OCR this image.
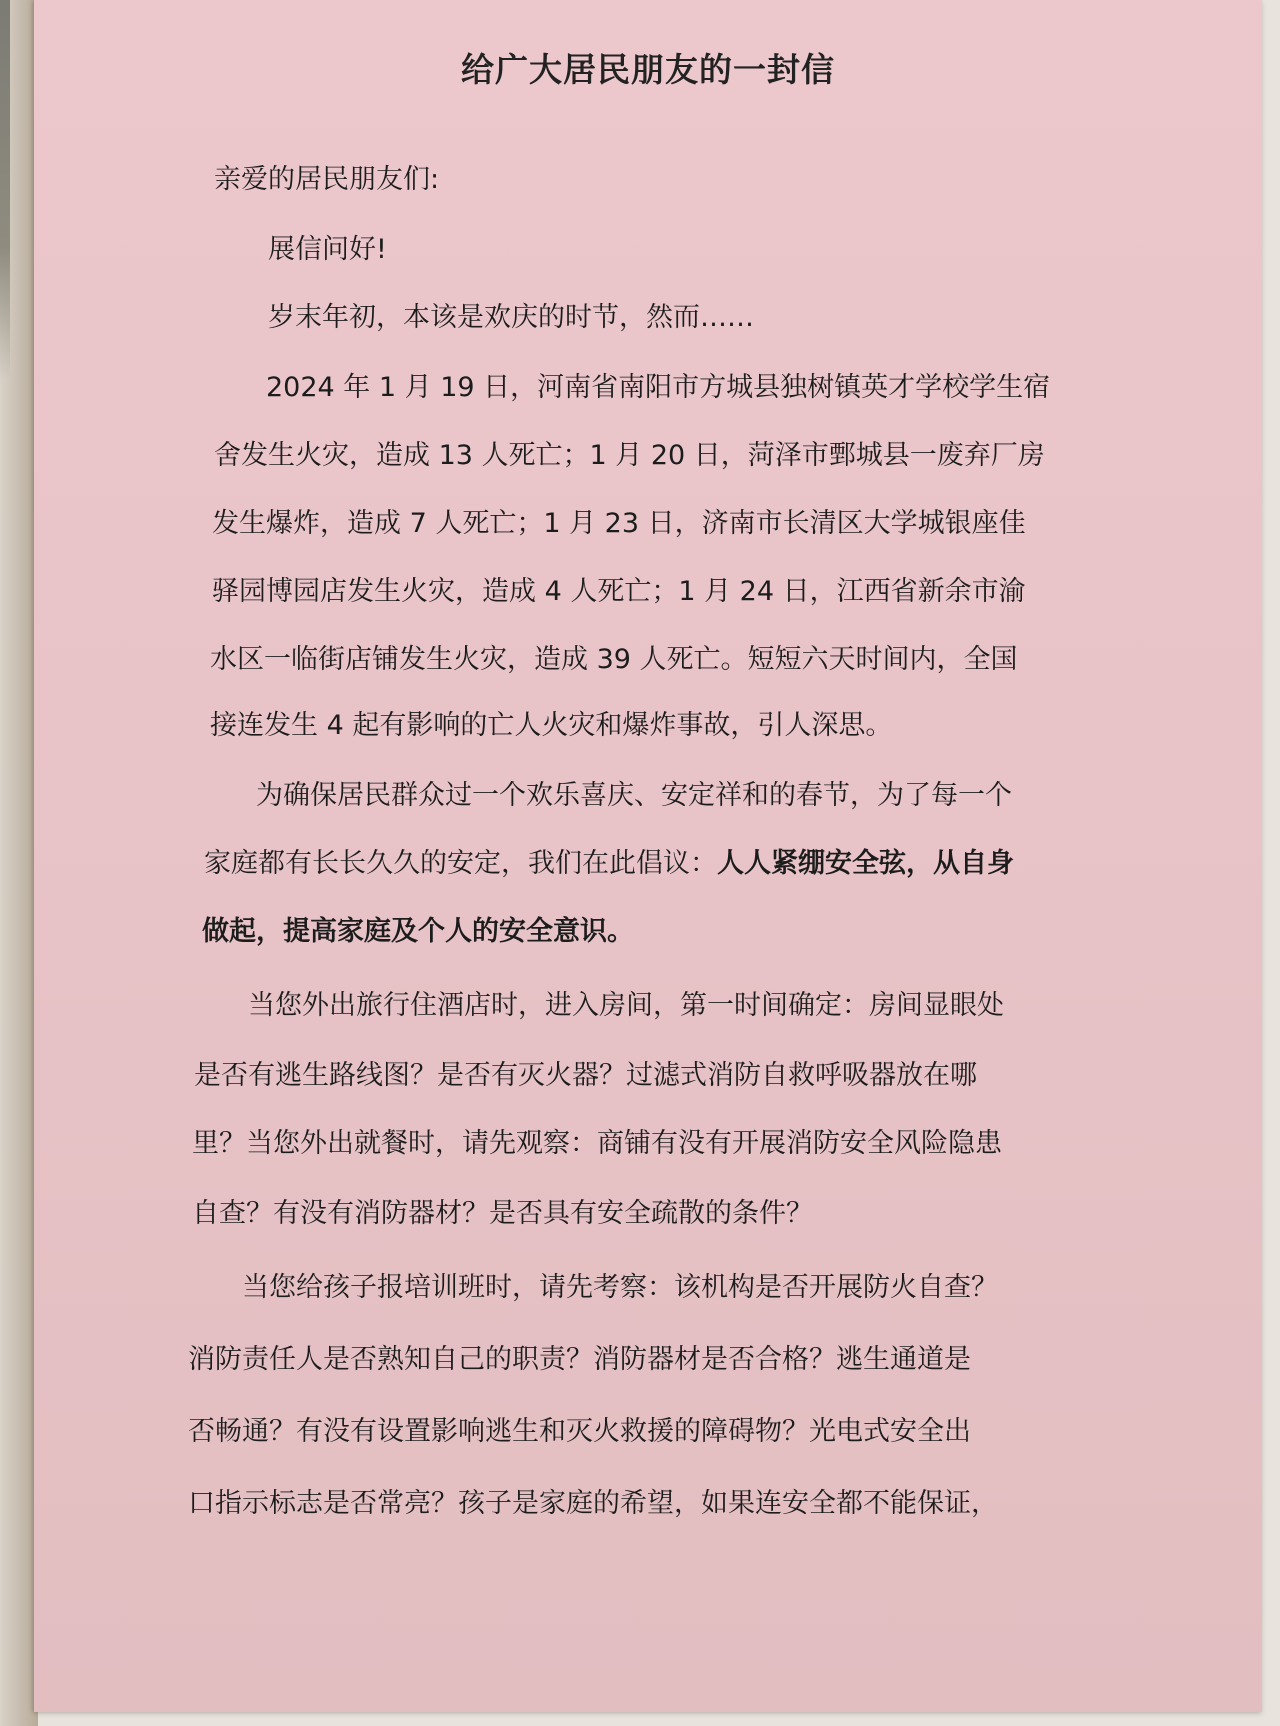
给广大居民朋友的一封信

亲爱的居民朋友们:

展信问好!

岁末年初，本该是欢庆的时节，然而……

2024 年 1 月 19 日，河南省南阳市方城县独树镇英才学校学生宿

舍发生火灾，造成 13 人死亡；1 月 20 日，菏泽市鄄城县一废弃厂房

发生爆炸，造成 7 人死亡；1 月 23 日，济南市长清区大学城银座佳

驿园博园店发生火灾，造成 4 人死亡；1 月 24 日，江西省新余市渝

水区一临街店铺发生火灾，造成 39 人死亡。短短六天时间内，全国

接连发生 4 起有影响的亡人火灾和爆炸事故，引人深思。

为确保居民群众过一个欢乐喜庆、安定祥和的春节，为了每一个

家庭都有长长久久的安定，我们在此倡议：人人紧绷安全弦，从自身

做起，提高家庭及个人的安全意识。

当您外出旅行住酒店时，进入房间，第一时间确定：房间显眼处

是否有逃生路线图？是否有灭火器？过滤式消防自救呼吸器放在哪

里？当您外出就餐时，请先观察：商铺有没有开展消防安全风险隐患

自查？有没有消防器材？是否具有安全疏散的条件？

当您给孩子报培训班时，请先考察：该机构是否开展防火自查？

消防责任人是否熟知自己的职责？消防器材是否合格？逃生通道是

否畅通？有没有设置影响逃生和灭火救援的障碍物？光电式安全出

口指示标志是否常亮？孩子是家庭的希望，如果连安全都不能保证，
